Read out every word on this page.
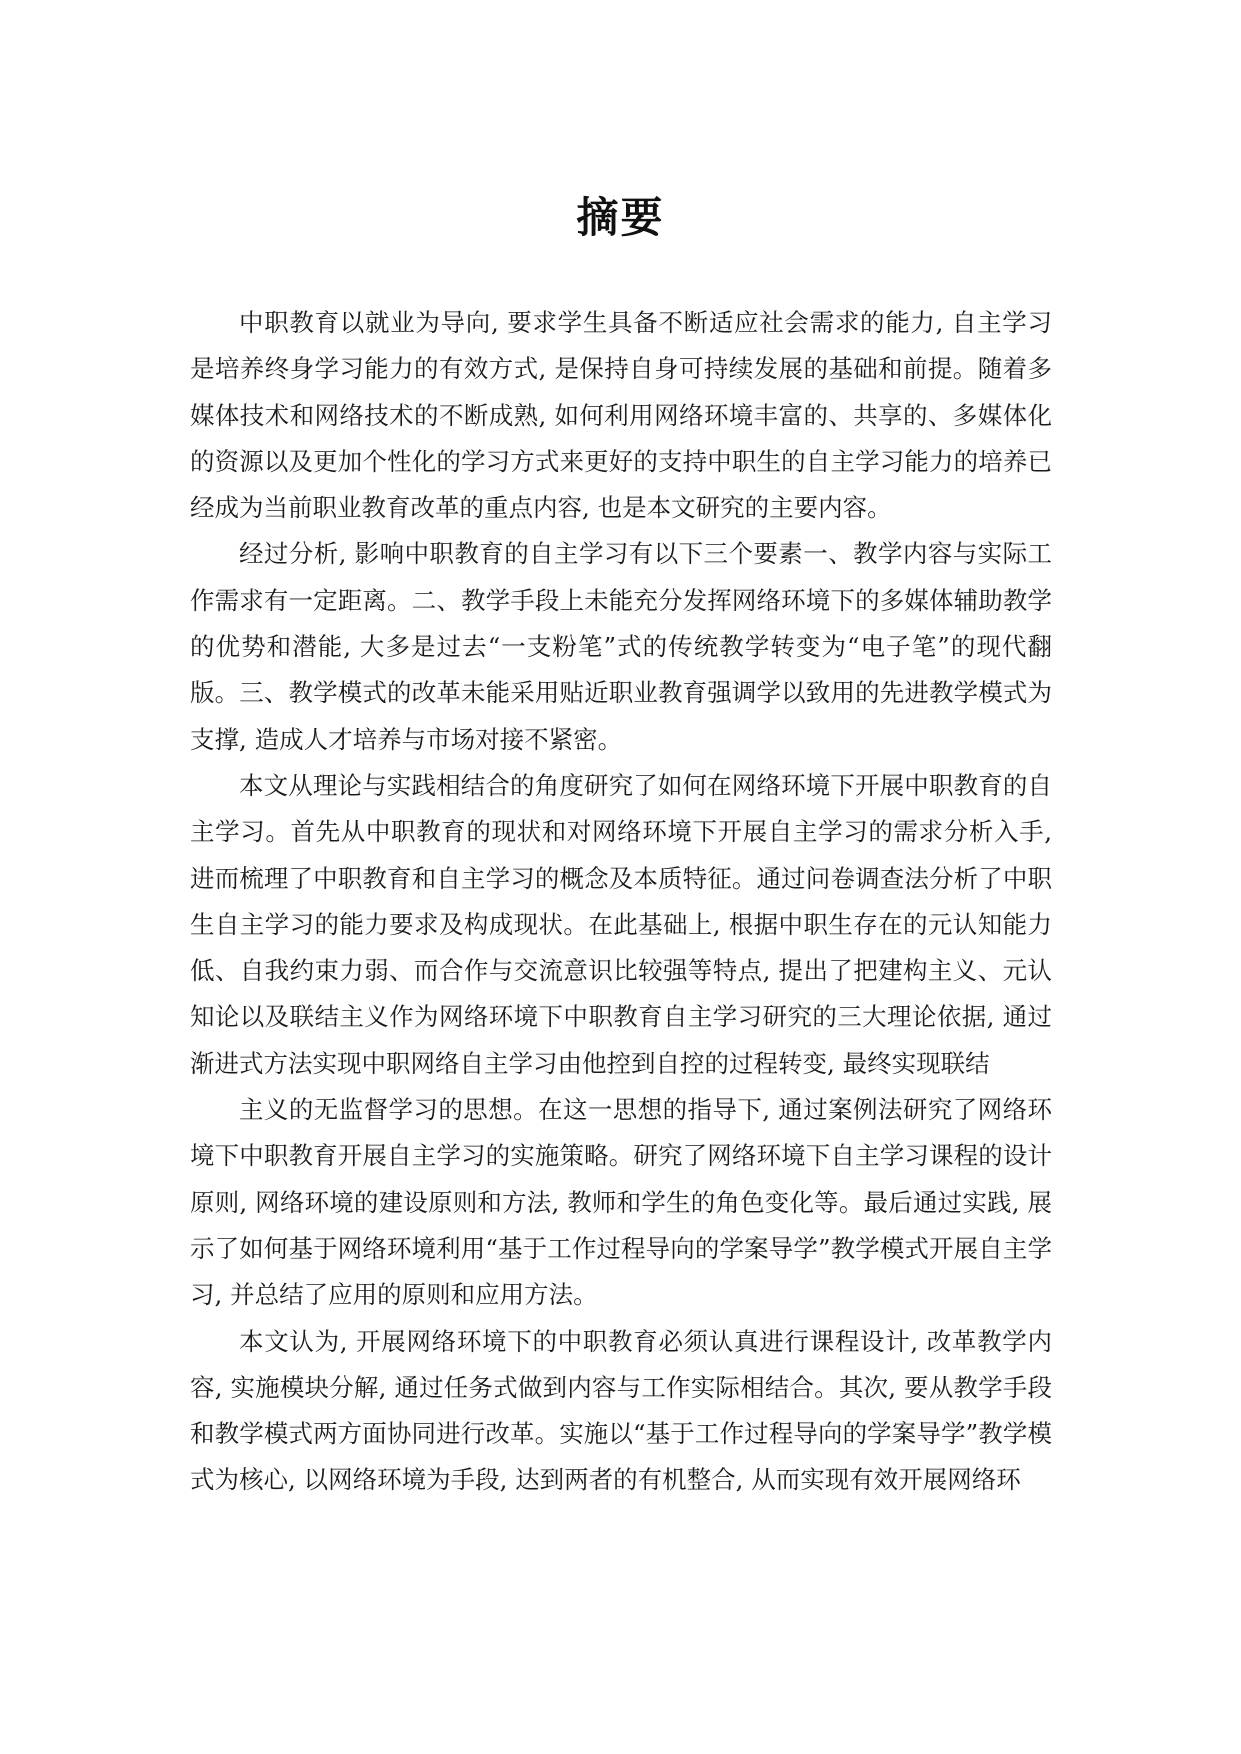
摘要

中职教育以就业为导向, 要求学生具备不断适应社会需求的能力, 自主学习是培养终身学习能力的有效方式, 是保持自身可持续发展的基础和前提。随着多媒体技术和网络技术的不断成熟, 如何利用网络环境丰富的、共享的、多媒体化的资源以及更加个性化的学习方式来更好的支持中职生的自主学习能力的培养已经成为当前职业教育改革的重点内容, 也是本文研究的主要内容。

经过分析, 影响中职教育的自主学习有以下三个要素一、教学内容与实际工作需求有一定距离。二、教学手段上未能充分发挥网络环境下的多媒体辅助教学的优势和潜能, 大多是过去“一支粉笔”式的传统教学转变为“电子笔”的现代翻版。三、教学模式的改革未能采用贴近职业教育强调学以致用的先进教学模式为支撑, 造成人才培养与市场对接不紧密。

本文从理论与实践相结合的角度研究了如何在网络环境下开展中职教育的自主学习。首先从中职教育的现状和对网络环境下开展自主学习的需求分析入手, 进而梳理了中职教育和自主学习的概念及本质特征。通过问卷调查法分析了中职生自主学习的能力要求及构成现状。在此基础上, 根据中职生存在的元认知能力低、自我约束力弱、而合作与交流意识比较强等特点, 提出了把建构主义、元认知论以及联结主义作为网络环境下中职教育自主学习研究的三大理论依据, 通过渐进式方法实现中职网络自主学习由他控到自控的过程转变, 最终实现联结

主义的无监督学习的思想。在这一思想的指导下, 通过案例法研究了网络环境下中职教育开展自主学习的实施策略。研究了网络环境下自主学习课程的设计原则, 网络环境的建设原则和方法, 教师和学生的角色变化等。最后通过实践, 展示了如何基于网络环境利用“基于工作过程导向的学案导学”教学模式开展自主学习, 并总结了应用的原则和应用方法。

本文认为, 开展网络环境下的中职教育必须认真进行课程设计, 改革教学内容, 实施模块分解, 通过任务式做到内容与工作实际相结合。其次, 要从教学手段和教学模式两方面协同进行改革。实施以“基于工作过程导向的学案导学”教学模式为核心, 以网络环境为手段, 达到两者的有机整合, 从而实现有效开展网络环
